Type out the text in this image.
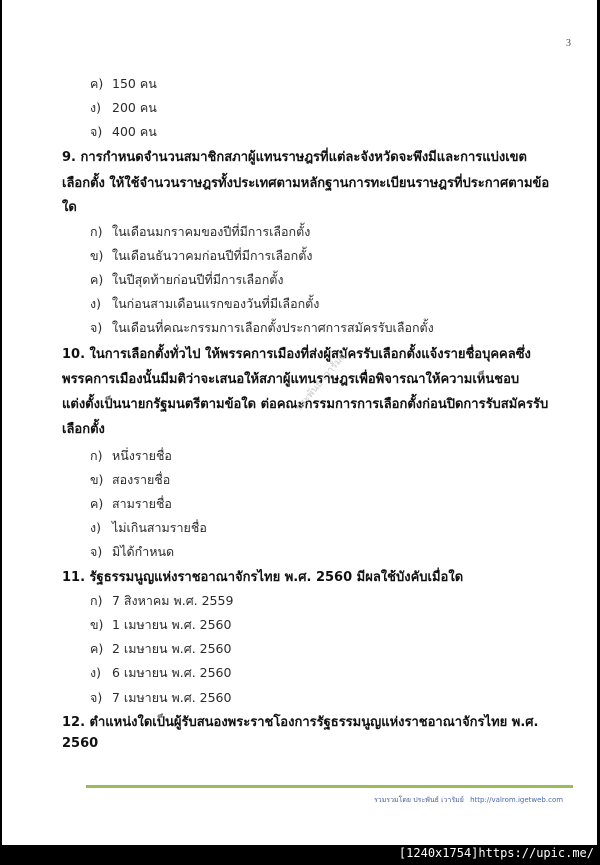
3
ค) 150 คน
ง) 200 คน
จ) 400 คน
9. การกำหนดจำนวนสมาชิกสภาผู้แทนราษฎรที่แต่ละจังหวัดจะพึงมีและการแบ่งเขต
เลือกตั้ง ให้ใช้จำนวนราษฎรทั้งประเทศตามหลักฐานการทะเบียนราษฎรที่ประกาศตามข้อ
ใด
ก) ในเดือนมกราคมของปีที่มีการเลือกตั้ง
ข) ในเดือนธันวาคมก่อนปีที่มีการเลือกตั้ง
ค) ในปีสุดท้ายก่อนปีที่มีการเลือกตั้ง
ง) ในก่อนสามเดือนแรกของวันที่มีเลือกตั้ง
จ) ในเดือนที่คณะกรรมการเลือกตั้งประกาศการสมัครรับเลือกตั้ง
10. ในการเลือกตั้งทั่วไป ให้พรรคการเมืองที่ส่งผู้สมัครรับเลือกตั้งแจ้งรายชื่อบุคคลซึ่ง
พรรคการเมืองนั้นมีมติว่าจะเสนอให้สภาผู้แทนราษฎรเพื่อพิจารณาให้ความเห็นชอบ
แต่งตั้งเป็นนายกรัฐมนตรีตามข้อใด ต่อคณะกรรมการการเลือกตั้งก่อนปิดการรับสมัครรับ
เลือกตั้ง
ก) หนึ่งรายชื่อ
ข) สองรายชื่อ
ค) สามรายชื่อ
ง) ไม่เกินสามรายชื่อ
จ) มิได้กำหนด
11. รัฐธรรมนูญแห่งราชอาณาจักรไทย พ.ศ. 2560 มีผลใช้บังคับเมื่อใด
ก) 7 สิงหาคม พ.ศ. 2559
ข) 1 เมษายน พ.ศ. 2560
ค) 2 เมษายน พ.ศ. 2560
ง) 6 เมษายน พ.ศ. 2560
จ) 7 เมษายน พ.ศ. 2560
12. ตำแหน่งใดเป็นผู้รับสนองพระราชโองการรัฐธรรมนูญแห่งราชอาณาจักรไทย พ.ศ.
2560
ประพันธ์ เวารัมย์
รวมรวมโดย ประพันธ์ เวารัมย์ http://valrom.igetweb.com
[1240x1754]https://upic.me/
